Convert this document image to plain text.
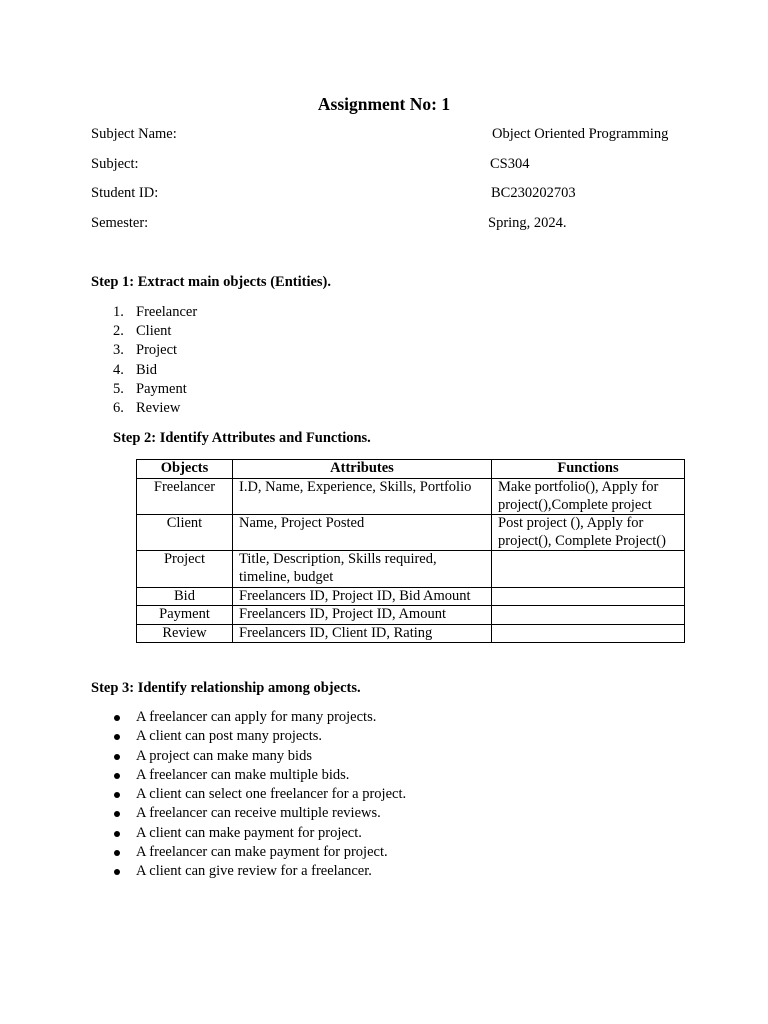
Assignment No: 1
Subject Name:	Object Oriented Programming
Subject:	CS304
Student ID:	BC230202703
Semester:	Spring, 2024.
Step 1: Extract main objects (Entities).
1. Freelancer
2. Client
3. Project
4. Bid
5. Payment
6. Review
Step 2: Identify Attributes and Functions.
Objects	Attributes	Functions
Freelancer	I.D, Name, Experience, Skills, Portfolio	Make portfolio(), Apply for project(),Complete project
Client	Name, Project Posted	Post project (), Apply for project(), Complete Project()
Project	Title, Description, Skills required, timeline, budget	
Bid	Freelancers ID, Project ID, Bid Amount	
Payment	Freelancers ID, Project ID, Amount	
Review	Freelancers ID, Client ID, Rating	
Step 3: Identify relationship among objects.
A freelancer can apply for many projects.
A client can post many projects.
A project can make many bids
A freelancer can make multiple bids.
A client can select one freelancer for a project.
A freelancer can receive multiple reviews.
A client can make payment for project.
A freelancer can make payment for project.
A client can give review for a freelancer.
